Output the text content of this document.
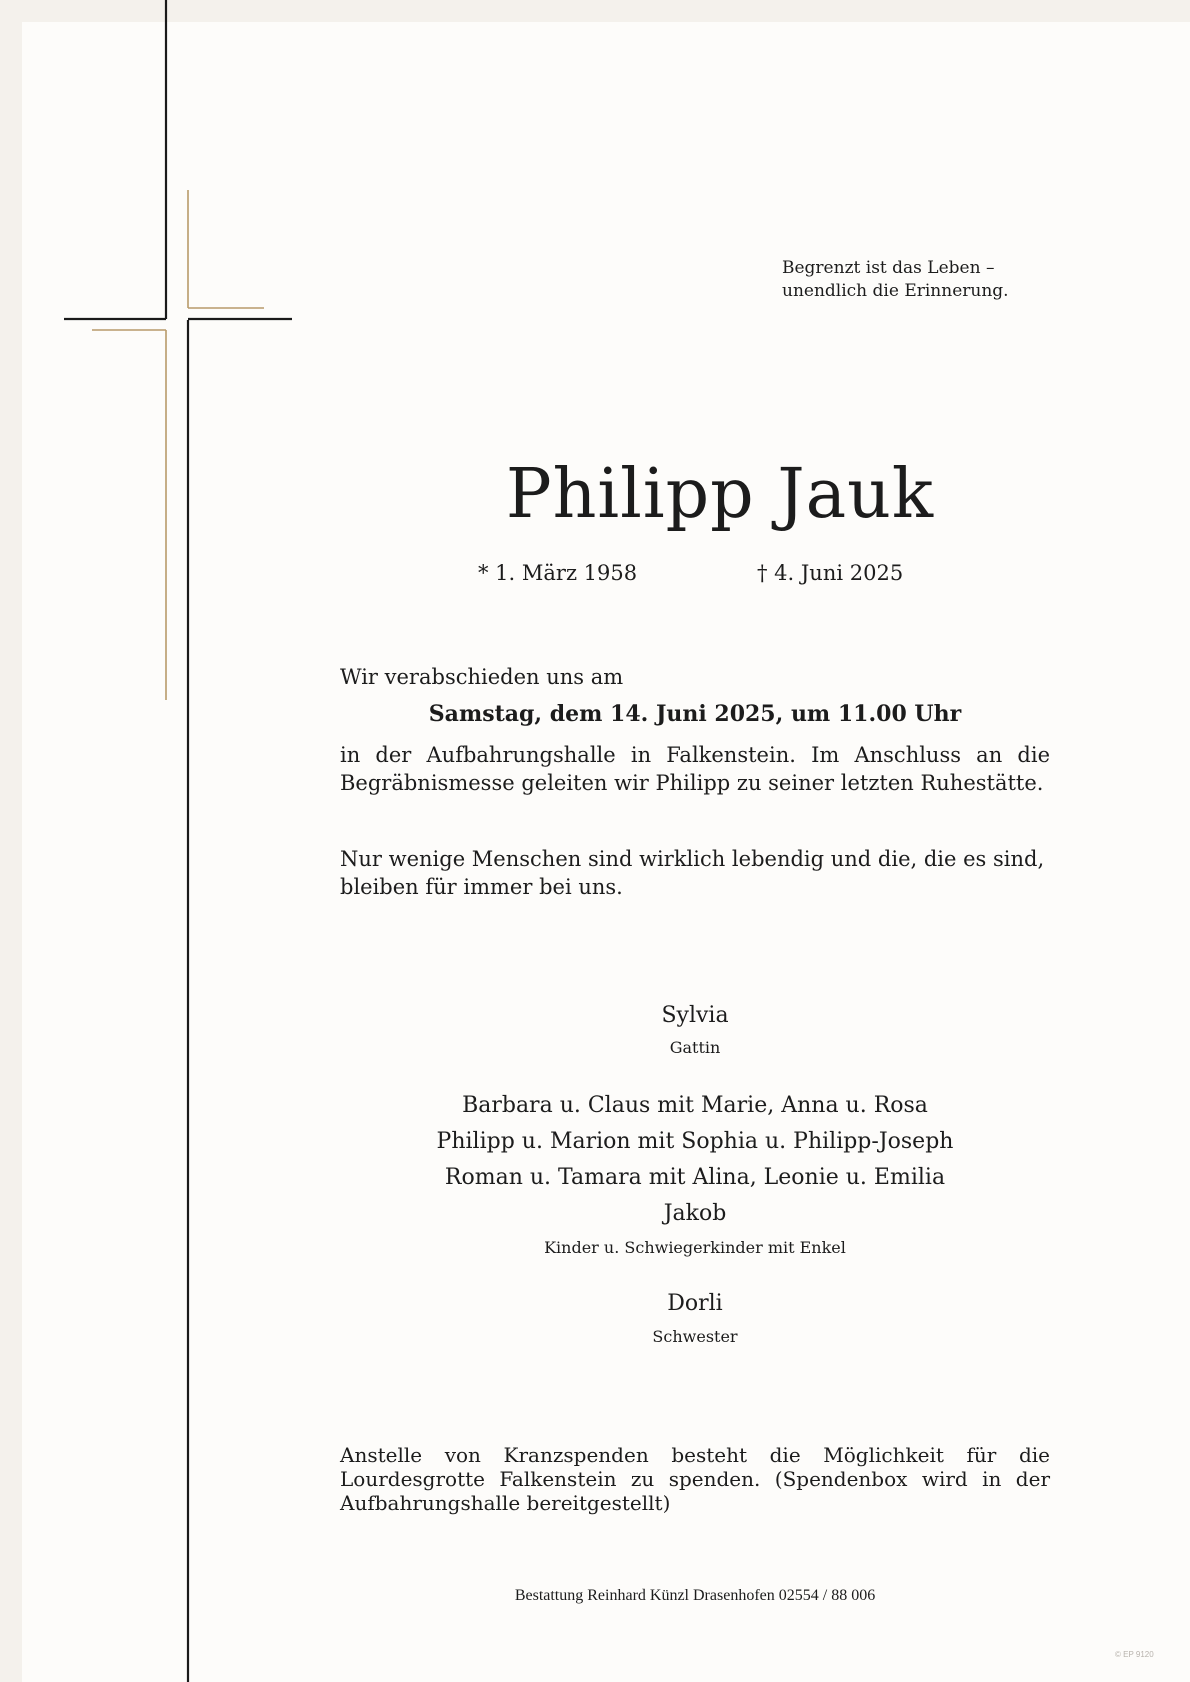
Begrenzt ist das Leben –
unendlich die Erinnerung.
Philipp Jauk
* 1. März 1958	† 4. Juni 2025
Wir verabschieden uns am
Samstag, dem 14. Juni 2025, um 11.00 Uhr
in der Aufbahrungshalle in Falkenstein. Im Anschluss an die
Begräbnismesse geleiten wir Philipp zu seiner letzten Ruhestätte.
Nur wenige Menschen sind wirklich lebendig und die, die es sind,
bleiben für immer bei uns.
Sylvia
Gattin
Barbara u. Claus mit Marie, Anna u. Rosa
Philipp u. Marion mit Sophia u. Philipp-Joseph
Roman u. Tamara mit Alina, Leonie u. Emilia
Jakob
Kinder u. Schwiegerkinder mit Enkel
Dorli
Schwester
Anstelle von Kranzspenden besteht die Möglichkeit für die
Lourdesgrotte Falkenstein zu spenden. (Spendenbox wird in der
Aufbahrungshalle bereitgestellt)
Bestattung Reinhard Künzl Drasenhofen 02554 / 88 006
© EP 9120
